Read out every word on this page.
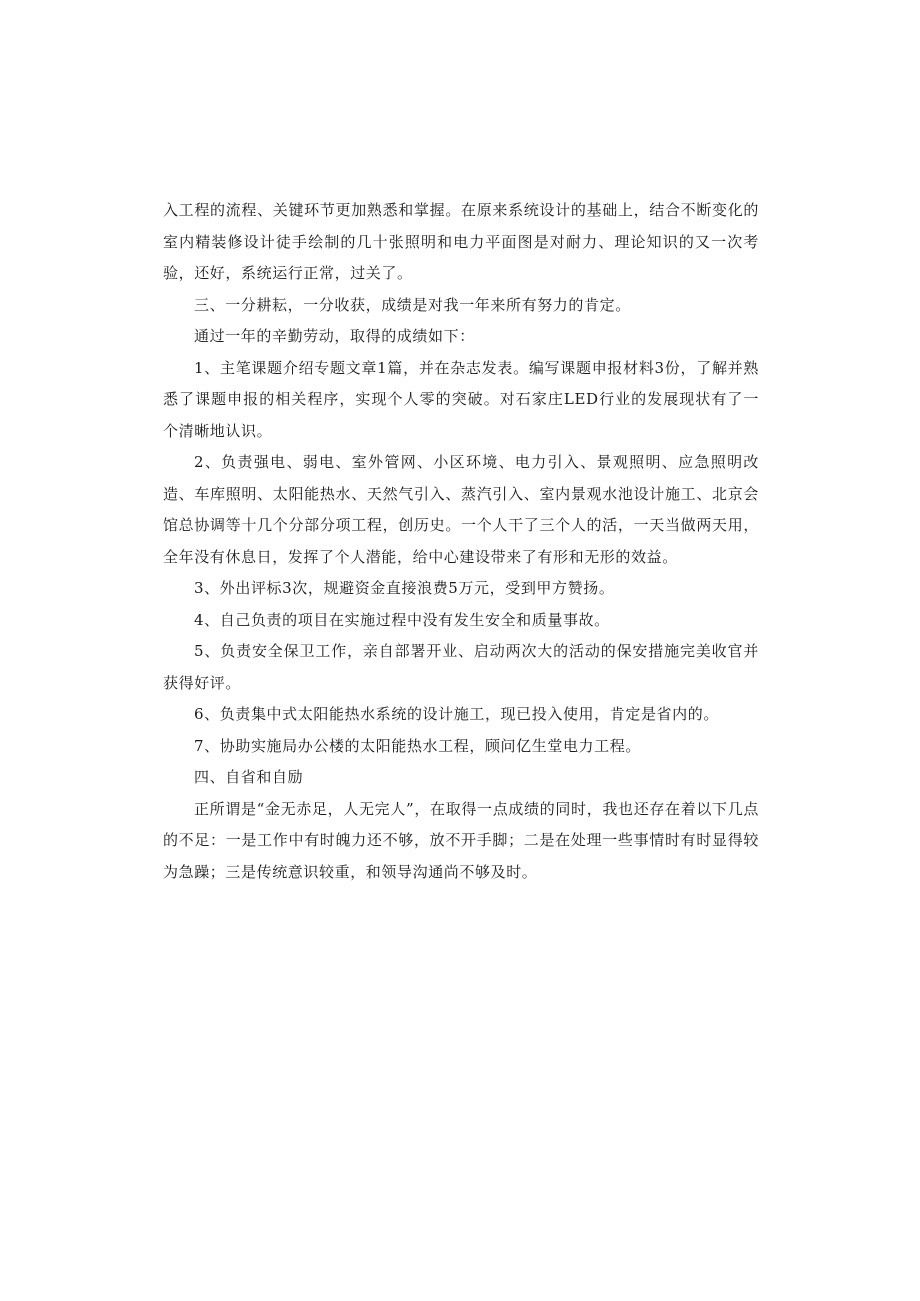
入工程的流程、关键环节更加熟悉和掌握。在原来系统设计的基础上，结合不断变化的室内精装修设计徒手绘制的几十张照明和电力平面图是对耐力、理论知识的又一次考验，还好，系统运行正常，过关了。

三、一分耕耘，一分收获，成绩是对我一年来所有努力的肯定。

通过一年的辛勤劳动，取得的成绩如下：

1、主笔课题介绍专题文章1篇，并在杂志发表。编写课题申报材料3份，了解并熟悉了课题申报的相关程序，实现个人零的突破。对石家庄LED行业的发展现状有了一个清晰地认识。

2、负责强电、弱电、室外管网、小区环境、电力引入、景观照明、应急照明改造、车库照明、太阳能热水、天然气引入、蒸汽引入、室内景观水池设计施工、北京会馆总协调等十几个分部分项工程，创历史。一个人干了三个人的活，一天当做两天用，全年没有休息日，发挥了个人潜能，给中心建设带来了有形和无形的效益。

3、外出评标3次，规避资金直接浪费5万元，受到甲方赞扬。

4、自己负责的项目在实施过程中没有发生安全和质量事故。

5、负责安全保卫工作，亲自部署开业、启动两次大的活动的保安措施完美收官并获得好评。

6、负责集中式太阳能热水系统的设计施工，现已投入使用，肯定是省内的。

7、协助实施局办公楼的太阳能热水工程，顾问亿生堂电力工程。

四、自省和自励

正所谓是“金无赤足，人无完人”，在取得一点成绩的同时，我也还存在着以下几点的不足：一是工作中有时魄力还不够，放不开手脚；二是在处理一些事情时有时显得较为急躁；三是传统意识较重，和领导沟通尚不够及时。
